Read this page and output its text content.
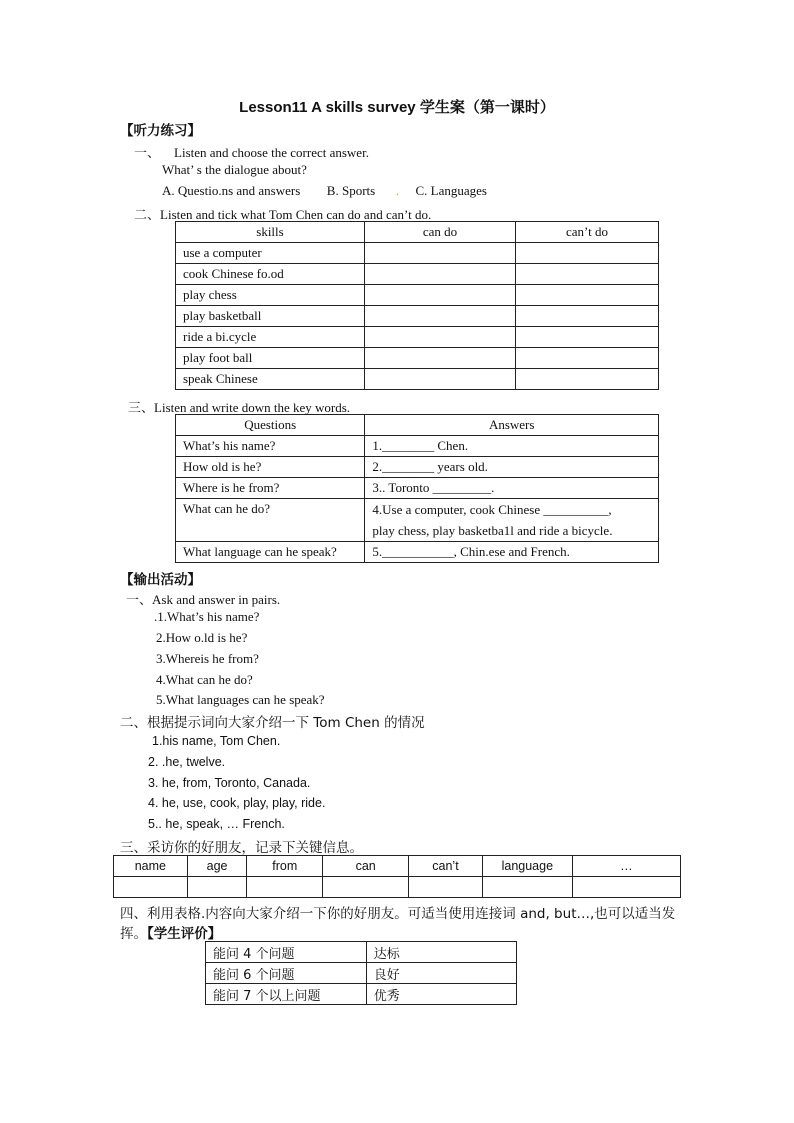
Lesson11 A skills survey 学生案（第一课时）
【听力练习】
一、 Listen and choose the correct answer.
What’ s the dialogue about?
A. Questio.ns and answers B. Sports . C. Languages
二、Listen and tick what Tom Chen can do and can’t do.
skills	can do	can’t do
use a computer		
cook Chinese fo.od		
play chess		
play basketball		
ride a bi.cycle		
play foot ball		
speak Chinese		
三、Listen and write down the key words.
Questions	Answers
What’s his name?	1.________ Chen.
How old is he?	2.________ years old.
Where is he from?	3.. Toronto _________.
What can he do?	4.Use a computer, cook Chinese __________,
play chess, play basketba1l and ride a bicycle.

What language can he speak?	5.___________, Chin.ese and French.
【输出活动】
一、Ask and answer in pairs.
.1.What’s his name?
2.How o.ld is he?
3.Whereis he from?
4.What can he do?
5.What languages can he speak?
二、根据提示词向大家介绍一下 Tom Chen 的情况
1.his name, Tom Chen.
2. .he, twelve.
3. he, from, Toronto, Canada.
4. he, use, cook, play, play, ride.
5.. he, speak, … French.
三、采访你的好朋友，记录下关键信息。
name	age	from	can	can’t	language	…

四、利用表格.内容向大家介绍一下你的好朋友。可适当使用连接词 and, but…,也可以适当发
挥。【学生评价】
能问 4 个问题	达标
能问 6 个问题	良好
能问 7 个以上问题	优秀
